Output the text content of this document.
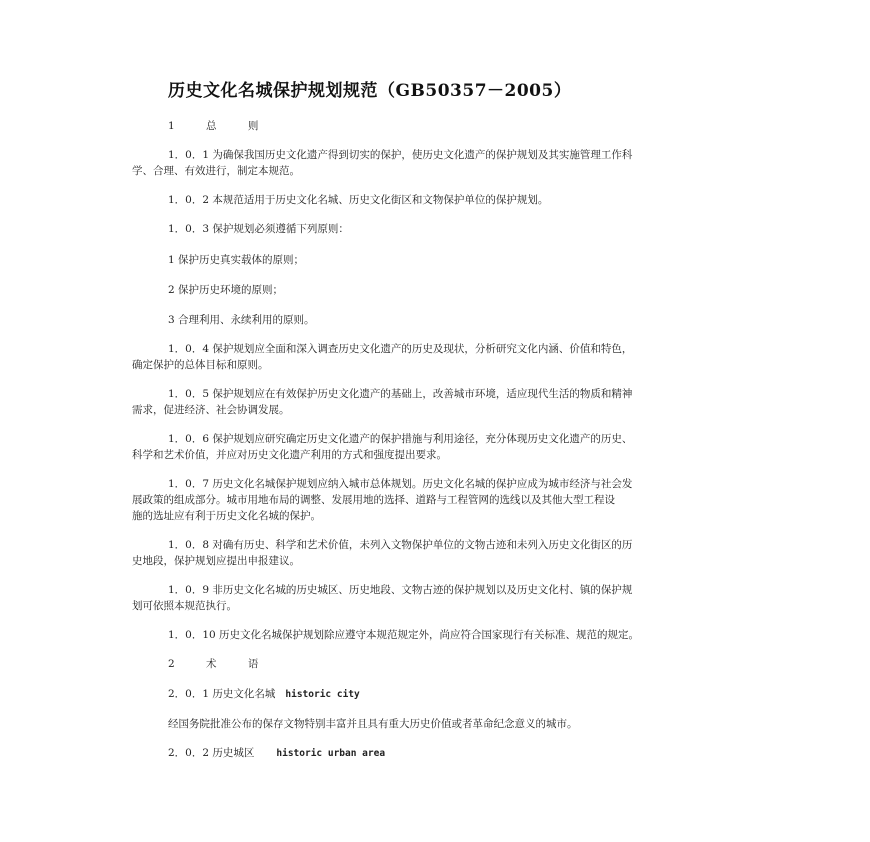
历史文化名城保护规划规范（GB50357－2005）
1	总 则
1．0．1 为确保我国历史文化遗产得到切实的保护，使历史文化遗产的保护规划及其实施管理工作科
学、合理、有效进行，制定本规范。
1．0．2 本规范适用于历史文化名城、历史文化街区和文物保护单位的保护规划。
1．0．3 保护规划必须遵循下列原则：
1 保护历史真实载体的原则；
2 保护历史环境的原则；
3 合理利用、永续利用的原则。
1．0．4 保护规划应全面和深入调查历史文化遗产的历史及现状，分析研究文化内涵、价值和特色，
确定保护的总体目标和原则。
1．0．5 保护规划应在有效保护历史文化遗产的基础上，改善城市环境，适应现代生活的物质和精神
需求，促进经济、社会协调发展。
1．0．6 保护规划应研究确定历史文化遗产的保护措施与利用途径，充分体现历史文化遗产的历史、
科学和艺术价值，并应对历史文化遗产利用的方式和强度提出要求。
1．0．7 历史文化名城保护规划应纳入城市总体规划。历史文化名城的保护应成为城市经济与社会发
展政策的组成部分。城市用地布局的调整、发展用地的选择、道路与工程管网的选线以及其他大型工程设
施的选址应有利于历史文化名城的保护。
1．0．8 对确有历史、科学和艺术价值，未列入文物保护单位的文物古迹和未列入历史文化街区的历
史地段，保护规划应提出申报建议。
1．0．9 非历史文化名城的历史城区、历史地段、文物古迹的保护规划以及历史文化村、镇的保护规
划可依照本规范执行。
1．0．10 历史文化名城保护规划除应遵守本规范规定外，尚应符合国家现行有关标准、规范的规定。
2	术 语
2．0．1 历史文化名城 historic city
经国务院批准公布的保存文物特别丰富并且具有重大历史价值或者革命纪念意义的城市。
2．0．2 历史城区 historic urban area
